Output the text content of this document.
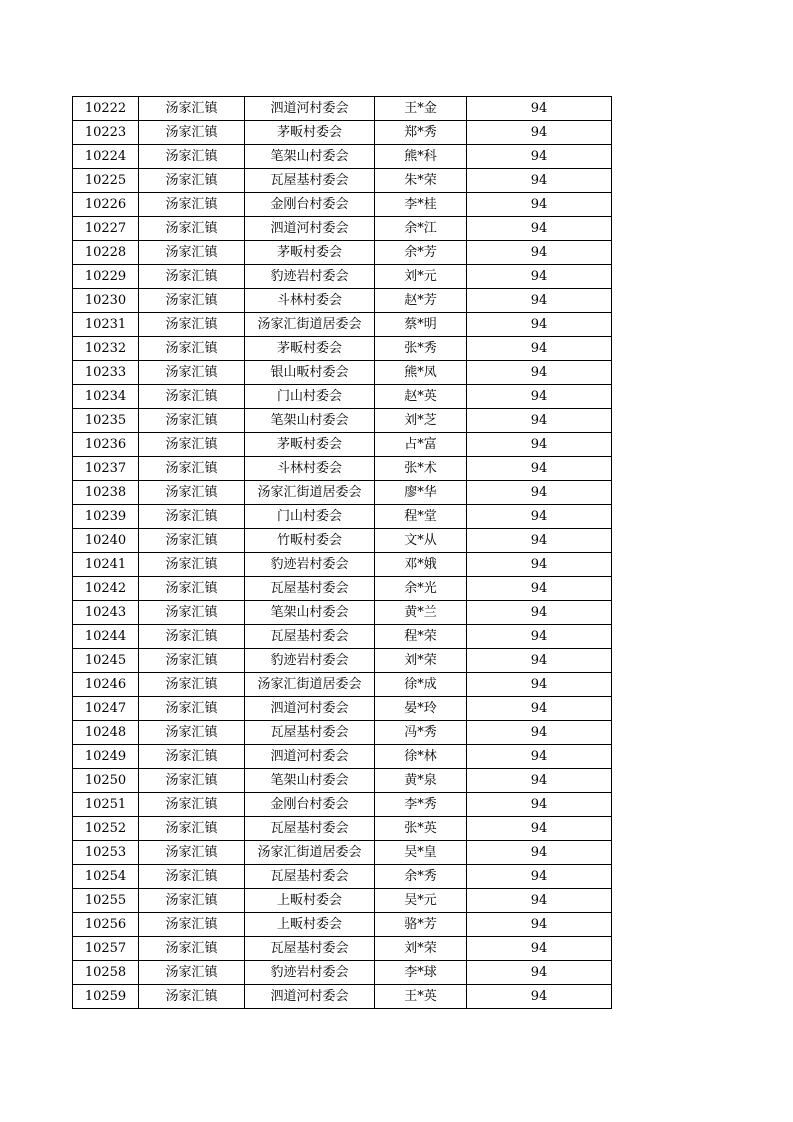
10222	汤家汇镇	泗道河村委会	王*金	94
10223	汤家汇镇	茅畈村委会	郑*秀	94
10224	汤家汇镇	笔架山村委会	熊*科	94
10225	汤家汇镇	瓦屋基村委会	朱*荣	94
10226	汤家汇镇	金刚台村委会	李*桂	94
10227	汤家汇镇	泗道河村委会	余*江	94
10228	汤家汇镇	茅畈村委会	余*芳	94
10229	汤家汇镇	豹迹岩村委会	刘*元	94
10230	汤家汇镇	斗林村委会	赵*芳	94
10231	汤家汇镇	汤家汇街道居委会	蔡*明	94
10232	汤家汇镇	茅畈村委会	张*秀	94
10233	汤家汇镇	银山畈村委会	熊*凤	94
10234	汤家汇镇	门山村委会	赵*英	94
10235	汤家汇镇	笔架山村委会	刘*芝	94
10236	汤家汇镇	茅畈村委会	占*富	94
10237	汤家汇镇	斗林村委会	张*术	94
10238	汤家汇镇	汤家汇街道居委会	廖*华	94
10239	汤家汇镇	门山村委会	程*堂	94
10240	汤家汇镇	竹畈村委会	文*从	94
10241	汤家汇镇	豹迹岩村委会	邓*娥	94
10242	汤家汇镇	瓦屋基村委会	余*光	94
10243	汤家汇镇	笔架山村委会	黄*兰	94
10244	汤家汇镇	瓦屋基村委会	程*荣	94
10245	汤家汇镇	豹迹岩村委会	刘*荣	94
10246	汤家汇镇	汤家汇街道居委会	徐*成	94
10247	汤家汇镇	泗道河村委会	晏*玲	94
10248	汤家汇镇	瓦屋基村委会	冯*秀	94
10249	汤家汇镇	泗道河村委会	徐*林	94
10250	汤家汇镇	笔架山村委会	黄*泉	94
10251	汤家汇镇	金刚台村委会	李*秀	94
10252	汤家汇镇	瓦屋基村委会	张*英	94
10253	汤家汇镇	汤家汇街道居委会	吴*皇	94
10254	汤家汇镇	瓦屋基村委会	余*秀	94
10255	汤家汇镇	上畈村委会	吴*元	94
10256	汤家汇镇	上畈村委会	骆*芳	94
10257	汤家汇镇	瓦屋基村委会	刘*荣	94
10258	汤家汇镇	豹迹岩村委会	李*球	94
10259	汤家汇镇	泗道河村委会	王*英	94
